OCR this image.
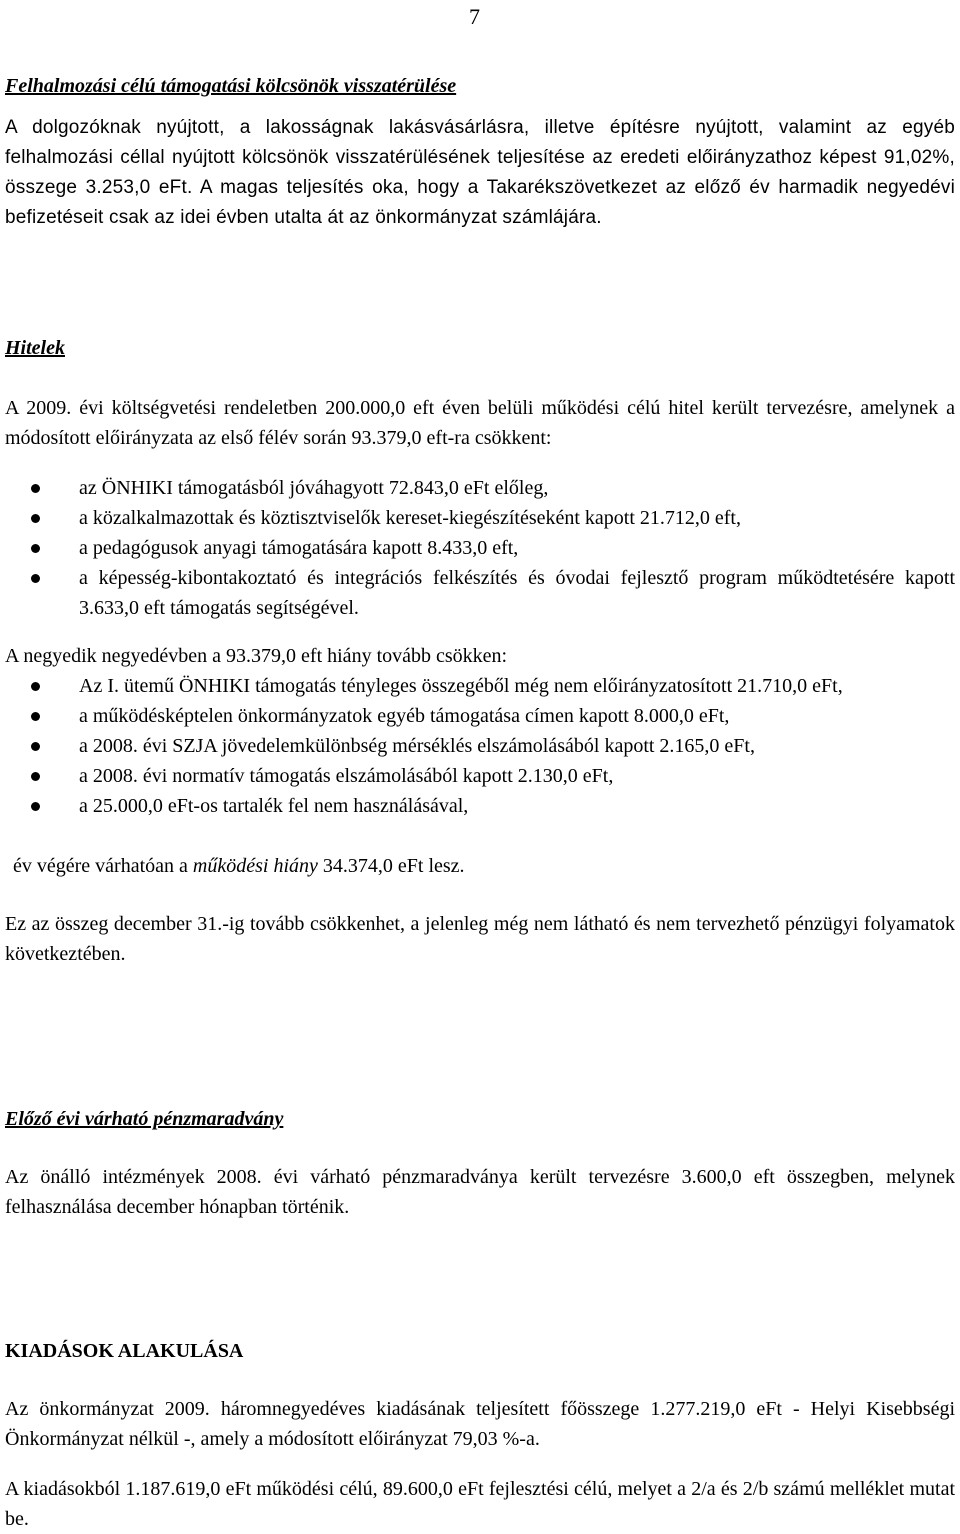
7

Felhalmozási célú támogatási kölcsönök visszatérülése

A dolgozóknak nyújtott, a lakosságnak lakásvásárlásra, illetve építésre nyújtott, valamint az egyéb felhalmozási céllal nyújtott kölcsönök visszatérülésének teljesítése az eredeti előirányzathoz képest 91,02%, összege 3.253,0 eFt. A magas teljesítés oka, hogy a Takarékszövetkezet az előző év harmadik negyedévi befizetéseit csak az idei évben utalta át az önkormányzat számlájára.

Hitelek

A 2009. évi költségvetési rendeletben 200.000,0 eft éven belüli működési célú hitel került tervezésre, amelynek a módosított előirányzata az első félév során 93.379,0 eft-ra csökkent:

az ÖNHIKI támogatásból jóváhagyott 72.843,0 eFt előleg,
a közalkalmazottak és köztisztviselők kereset-kiegészítéseként kapott 21.712,0 eft,
a pedagógusok anyagi támogatására kapott 8.433,0 eft,
a képesség-kibontakoztató és integrációs felkészítés és óvodai fejlesztő program működtetésére kapott 3.633,0 eft támogatás segítségével.

A negyedik negyedévben a 93.379,0 eft hiány tovább csökken:

Az I. ütemű ÖNHIKI támogatás tényleges összegéből még nem előirányzatosított 21.710,0 eFt,
a működésképtelen önkormányzatok egyéb támogatása címen kapott 8.000,0 eFt,
a 2008. évi SZJA jövedelemkülönbség mérséklés elszámolásából kapott 2.165,0 eFt,
a 2008. évi normatív támogatás elszámolásából kapott 2.130,0 eFt,
a 25.000,0 eFt-os tartalék fel nem használásával,

év végére várhatóan a működési hiány 34.374,0 eFt lesz.

Ez az összeg december 31.-ig tovább csökkenhet, a jelenleg még nem látható és nem tervezhető pénzügyi folyamatok következtében.

Előző évi várható pénzmaradvány

Az önálló intézmények 2008. évi várható pénzmaradványa került tervezésre 3.600,0 eft összegben, melynek felhasználása december hónapban történik.

KIADÁSOK ALAKULÁSA

Az önkormányzat 2009. háromnegyedéves kiadásának teljesített főösszege 1.277.219,0 eFt - Helyi Kisebbségi Önkormányzat nélkül -, amely a módosított előirányzat 79,03 %-a.

A kiadásokból 1.187.619,0 eFt működési célú, 89.600,0 eFt fejlesztési célú, melyet a 2/a és 2/b számú melléklet mutat be.
